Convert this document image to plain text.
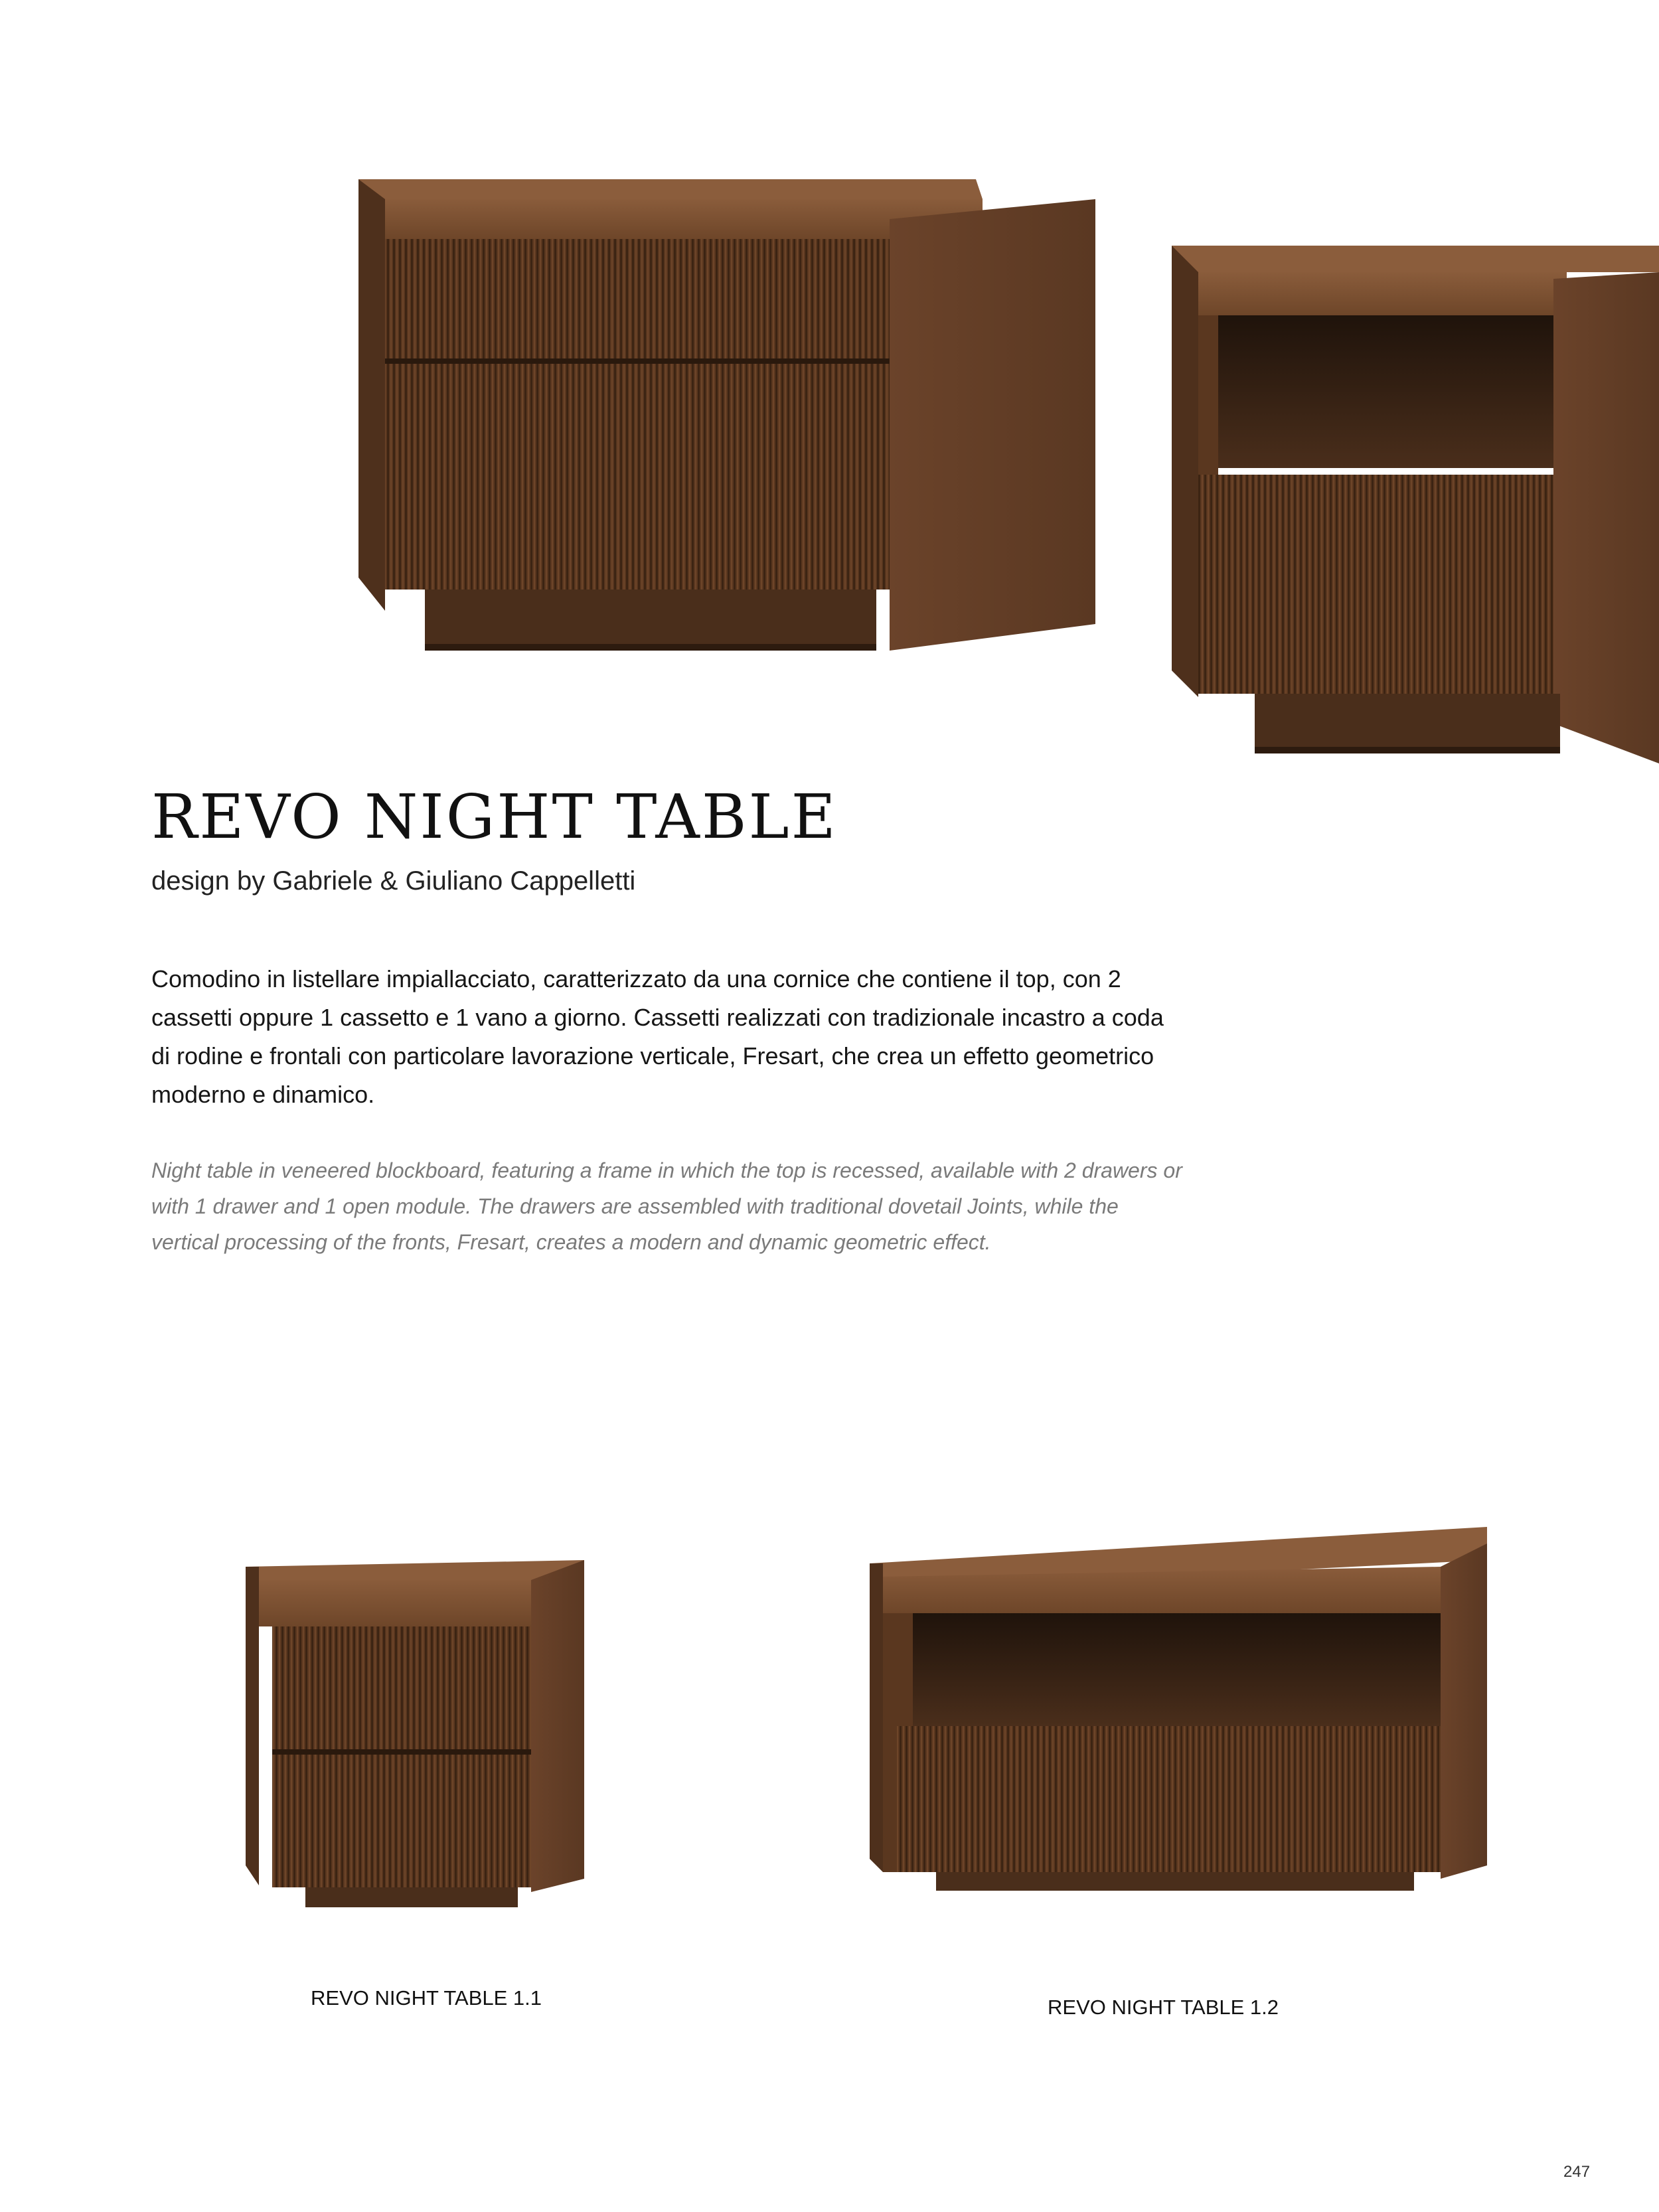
REVO NIGHT TABLE
design by Gabriele & Giuliano Cappelletti

Comodino in listellare impiallacciato, caratterizzato da una cornice che contiene il top, con 2 cassetti oppure 1 cassetto e 1 vano a giorno. Cassetti realizzati con tradizionale incastro a coda di rodine e frontali con particolare lavorazione verticale, Fresart, che crea un effetto geometrico moderno e dinamico.

Night table in veneered blockboard, featuring a frame in which the top is recessed, available with 2 drawers or with 1 drawer and 1 open module. The drawers are assembled with traditional dovetail Joints, while the vertical processing of the fronts, Fresart, creates a modern and dynamic geometric effect.

REVO NIGHT TABLE 1.1	REVO NIGHT TABLE 1.2
247
